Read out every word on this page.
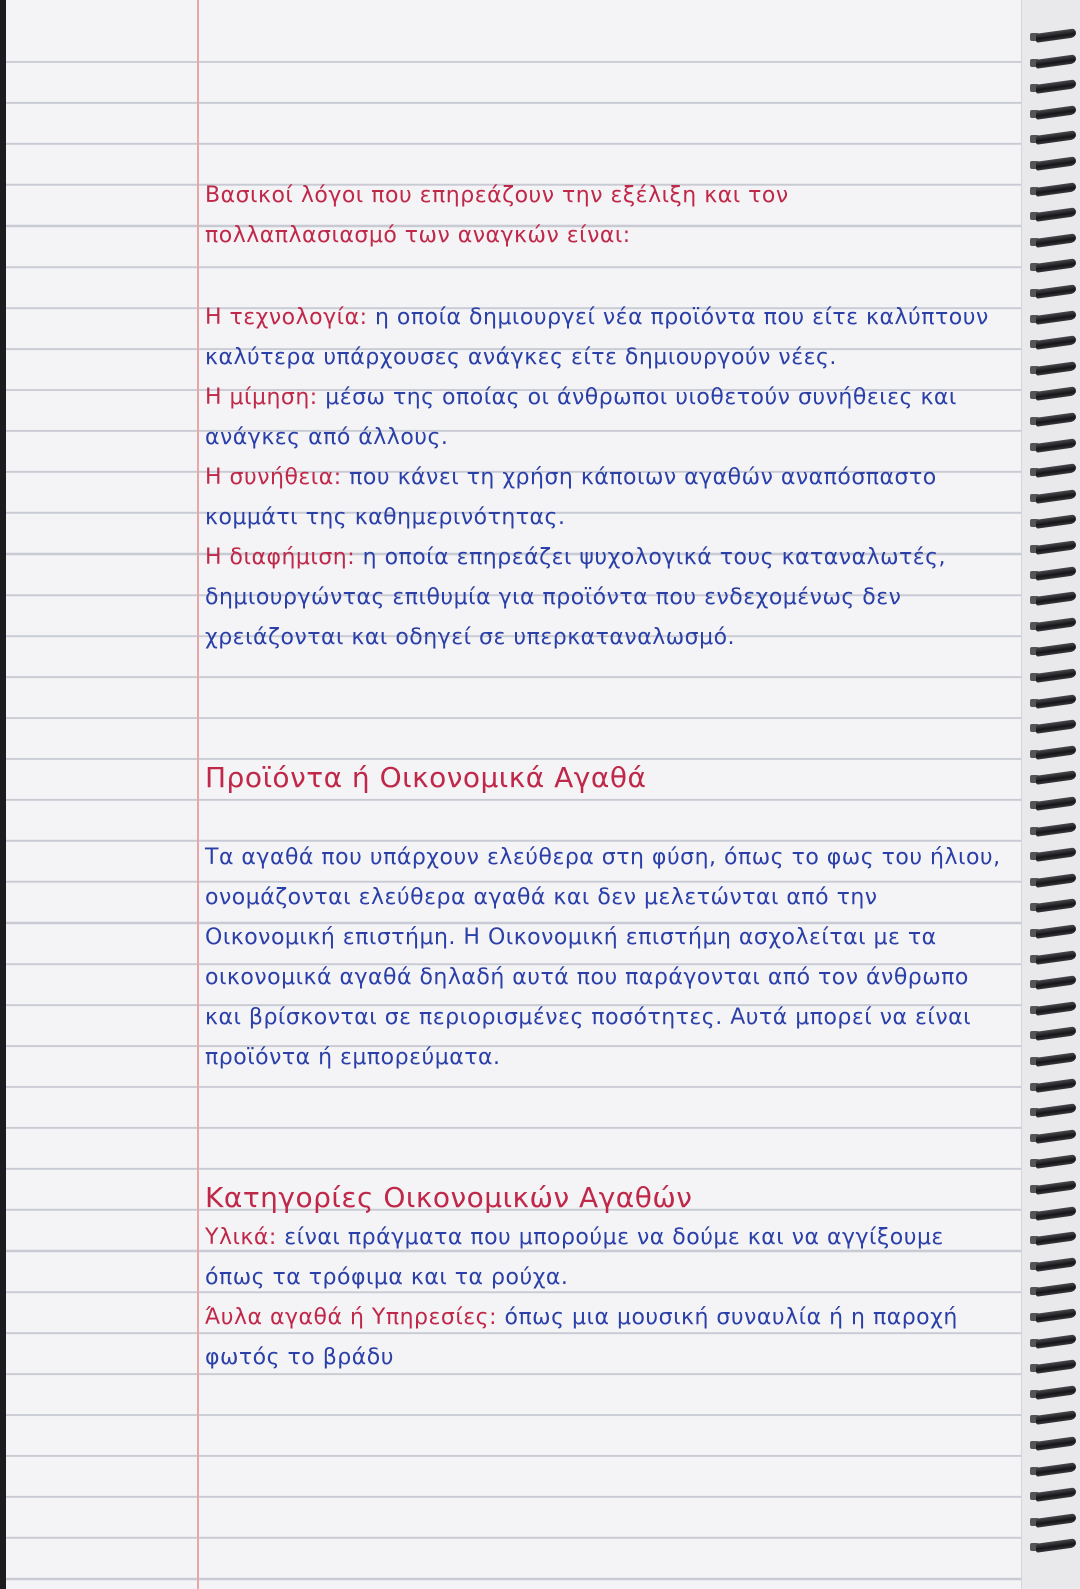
Βασικοί λόγοι που επηρεάζουν την εξέλιξη και τον

πολλαπλασιασμό των αναγκών είναι:

Η τεχνολογία: η οποία δημιουργεί νέα προϊόντα που είτε καλύπτουν καλύτερα υπάρχουσες ανάγκες είτε δημιουργούν νέες.

Η μίμηση: μέσω της οποίας οι άνθρωποι υιοθετούν συνήθειες και ανάγκες από άλλους.

Η συνήθεια: που κάνει τη χρήση κάποιων αγαθών αναπόσπαστο κομμάτι της καθημερινότητας.

Η διαφήμιση: η οποία επηρεάζει ψυχολογικά τους καταναλωτές, δημιουργώντας επιθυμία για προϊόντα που ενδεχομένως δεν χρειάζονται και οδηγεί σε υπερκαταναλωσμό.

Προϊόντα ή Οικονομικά Αγαθά

Τα αγαθά που υπάρχουν ελεύθερα στη φύση, όπως το φως του ήλιου, ονομάζονται ελεύθερα αγαθά και δεν μελετώνται από την Οικονομική επιστήμη. Η Οικονομική επιστήμη ασχολείται με τα οικονομικά αγαθά δηλαδή αυτά που παράγονται από τον άνθρωπο και βρίσκονται σε περιορισμένες ποσότητες. Αυτά μπορεί να είναι προϊόντα ή εμπορεύματα.

Κατηγορίες Οικονομικών Αγαθών

Υλικά: είναι πράγματα που μπορούμε να δούμε και να αγγίξουμε όπως τα τρόφιμα και τα ρούχα.

Άυλα αγαθά ή Υπηρεσίες: όπως μια μουσική συναυλία ή η παροχή φωτός το βράδυ
